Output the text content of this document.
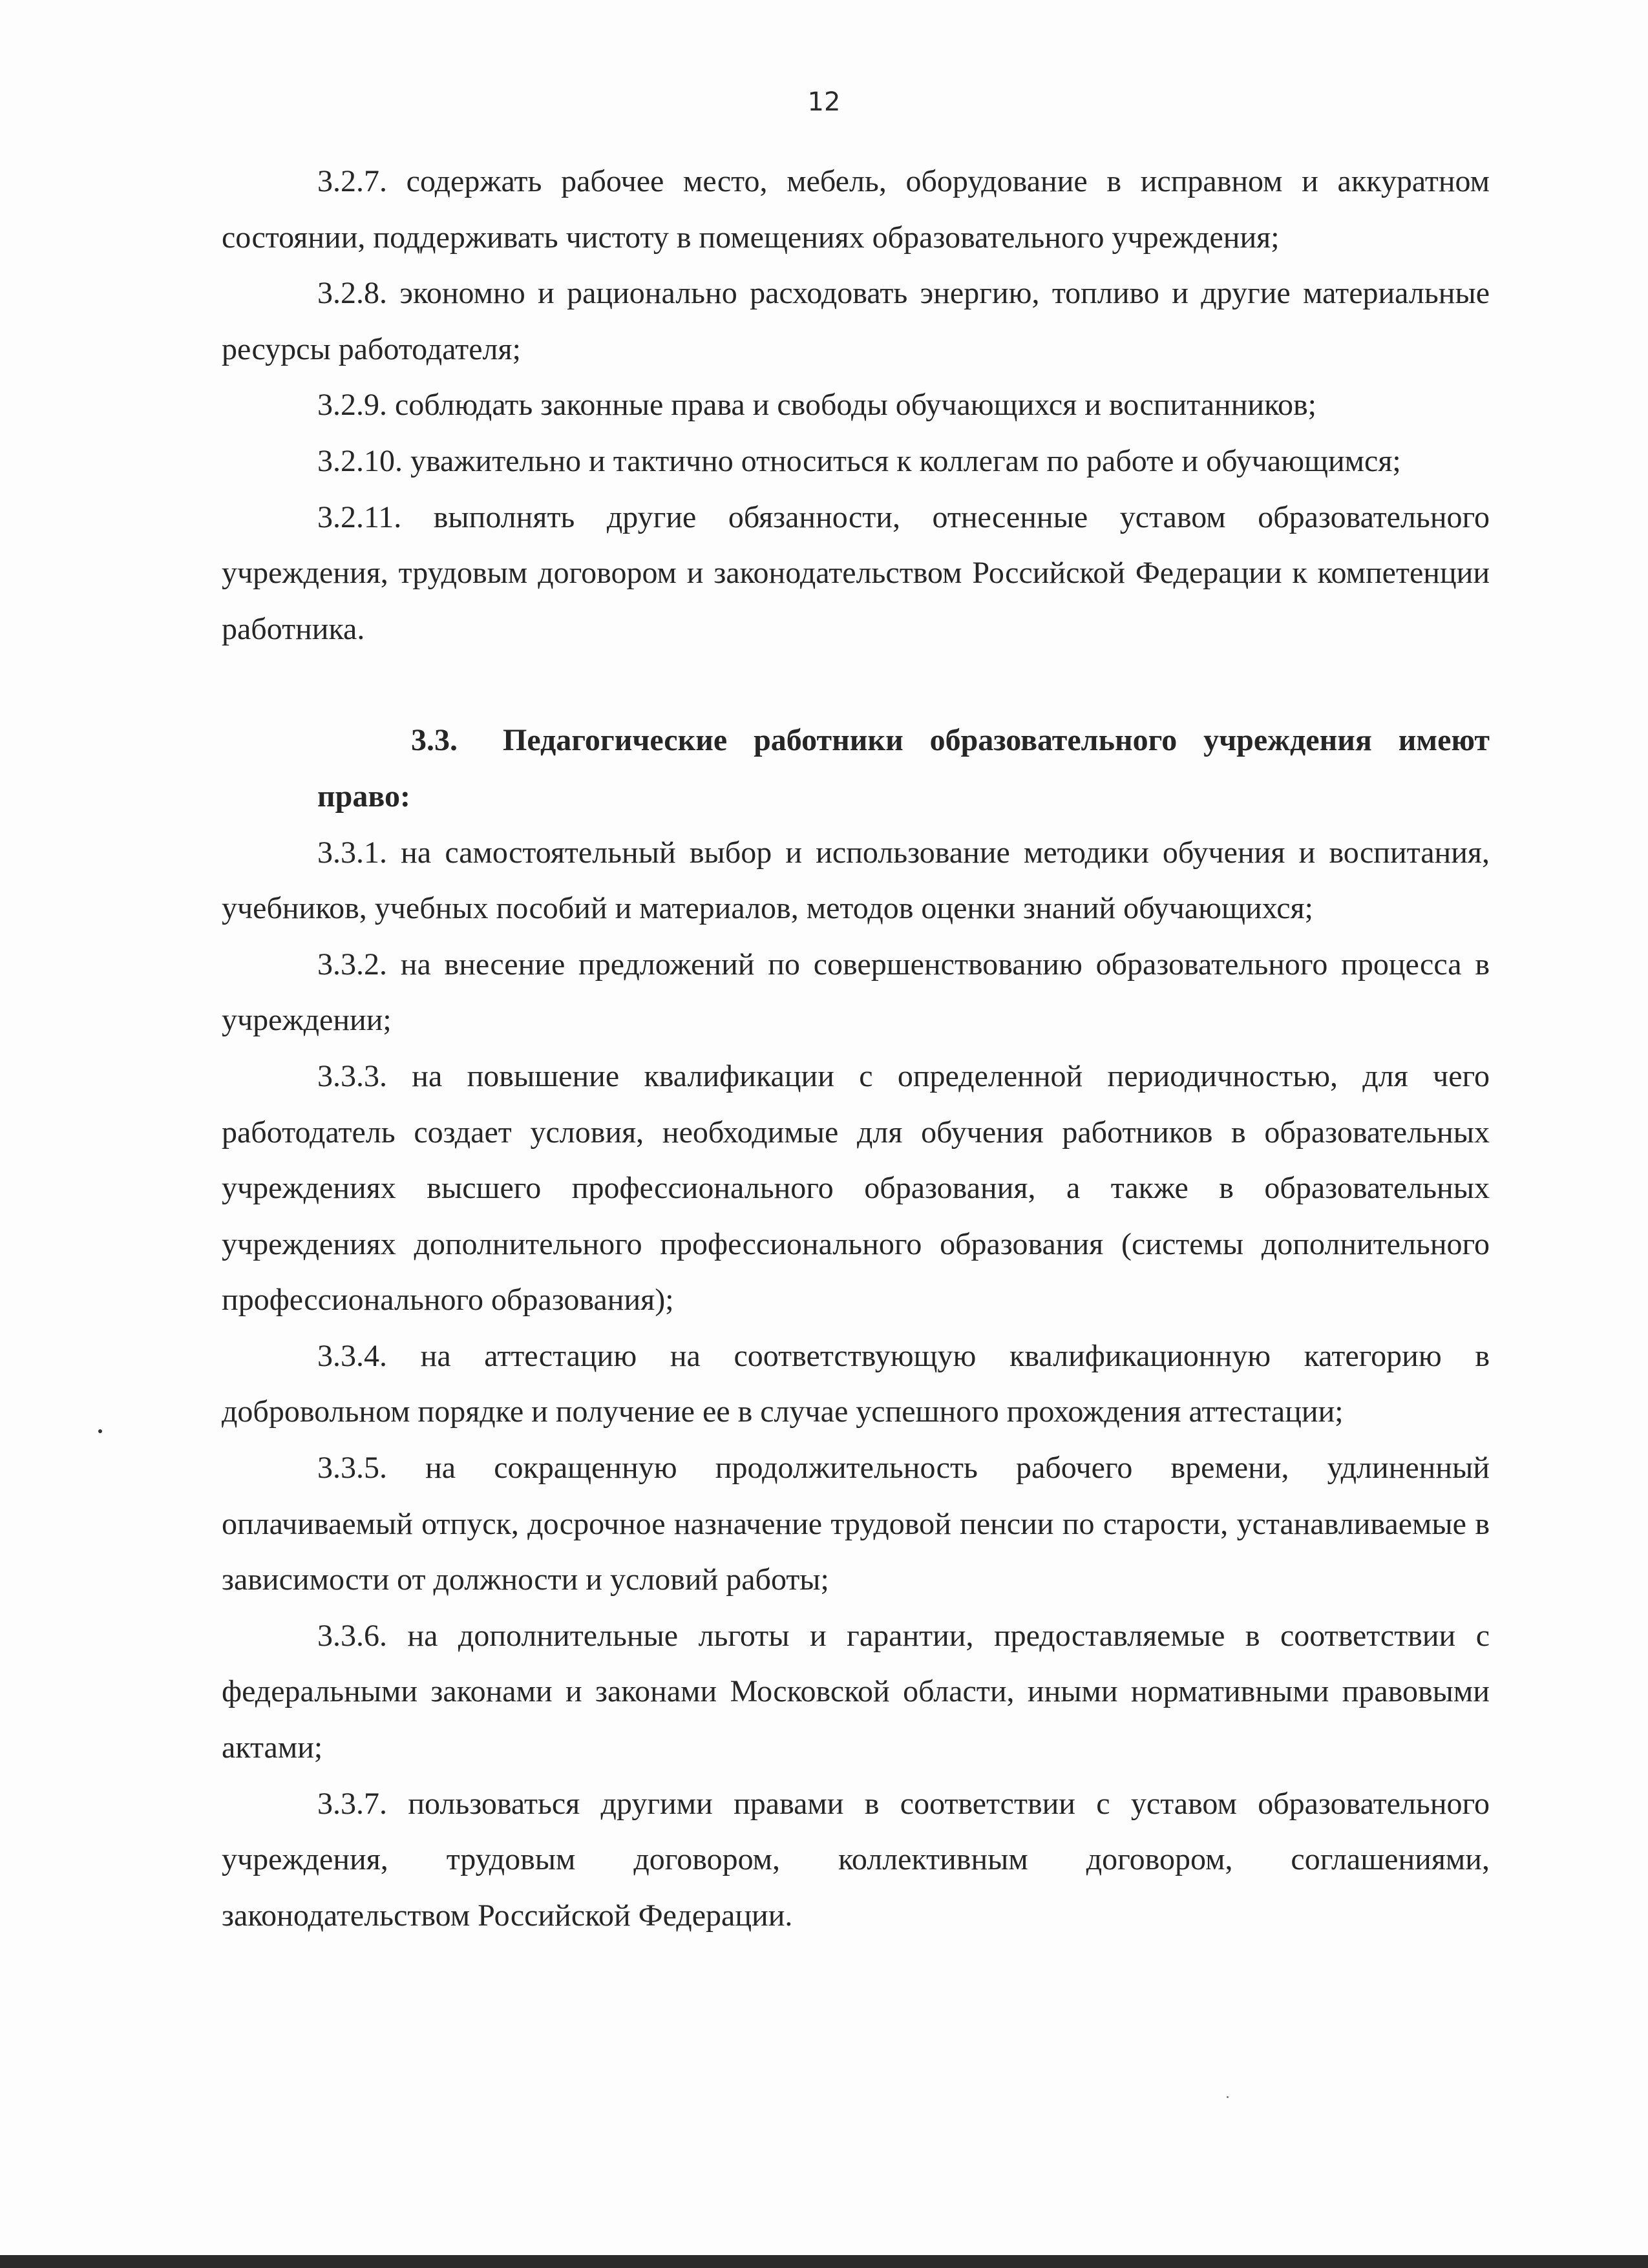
12

3.2.7. содержать рабочее место, мебель, оборудование в исправном и аккуратном состоянии, поддерживать чистоту в помещениях образовательного учреждения;

3.2.8. экономно и рационально расходовать энергию, топливо и другие материальные ресурсы работодателя;

3.2.9. соблюдать законные права и свободы обучающихся и воспитанников;

3.2.10. уважительно и тактично относиться к коллегам по работе и обучающимся;

3.2.11. выполнять другие обязанности, отнесенные уставом образовательного учреждения, трудовым договором и законодательством Российской Федерации к компетенции работника.

3.3. Педагогические работники образовательного учреждения имеют право:

3.3.1. на самостоятельный выбор и использование методики обучения и воспитания, учебников, учебных пособий и материалов, методов оценки знаний обучающихся;

3.3.2. на внесение предложений по совершенствованию образовательного процесса в учреждении;

3.3.3. на повышение квалификации с определенной периодичностью, для чего работодатель создает условия, необходимые для обучения работников в образовательных учреждениях высшего профессионального образования, а также в образовательных учреждениях дополнительного профессионального образования (системы дополнительного профессионального образования);

3.3.4. на аттестацию на соответствующую квалификационную категорию в добровольном порядке и получение ее в случае успешного прохождения аттестации;

3.3.5. на сокращенную продолжительность рабочего времени, удлиненный оплачиваемый отпуск, досрочное назначение трудовой пенсии по старости, устанавливаемые в зависимости от должности и условий работы;

3.3.6. на дополнительные льготы и гарантии, предоставляемые в соответствии с федеральными законами и законами Московской области, иными нормативными правовыми актами;

3.3.7. пользоваться другими правами в соответствии с уставом образовательного учреждения, трудовым договором, коллективным договором, соглашениями, законодательством Российской Федерации.
